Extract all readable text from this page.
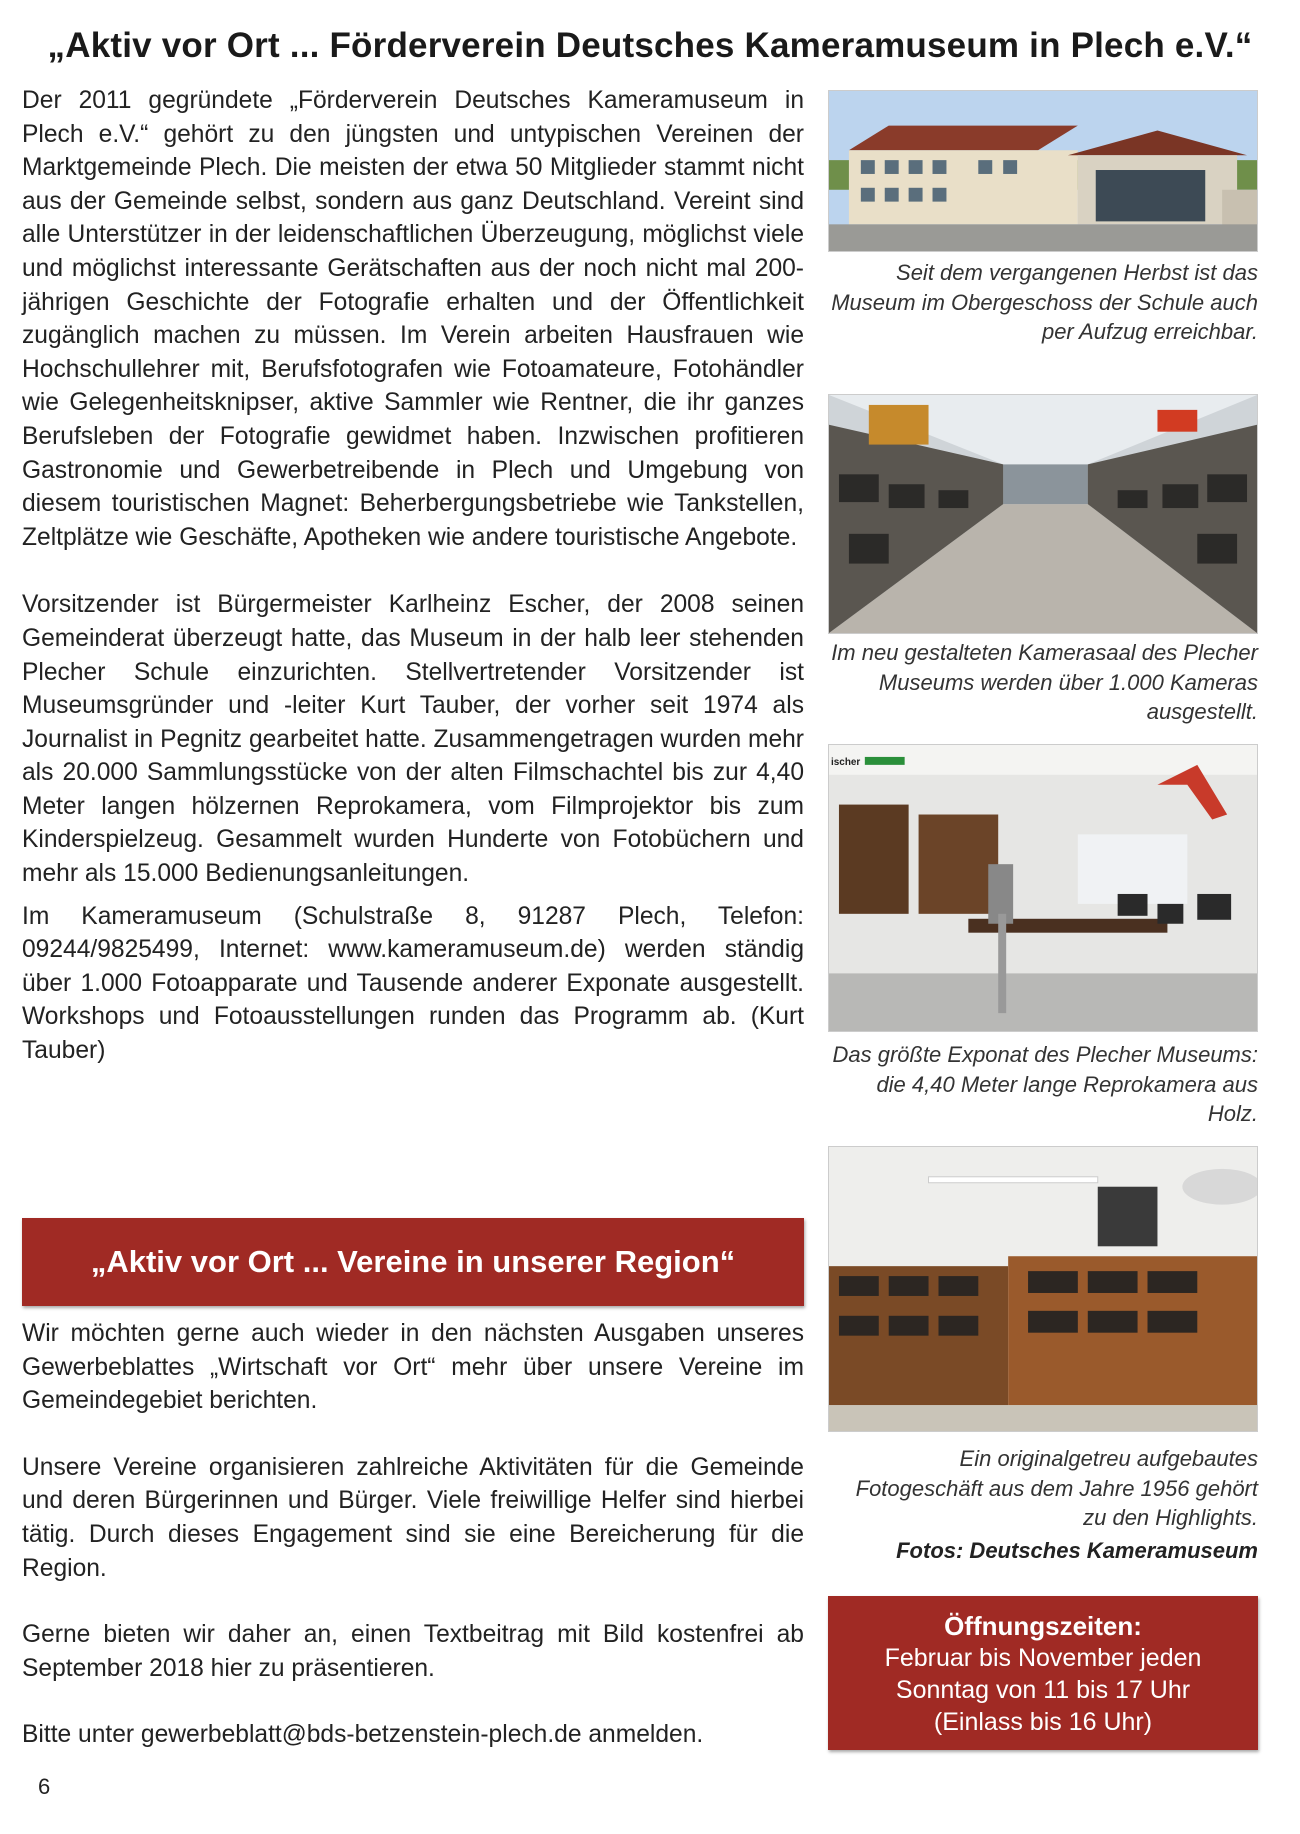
„Aktiv vor Ort ... Förderverein Deutsches Kameramuseum in Plech e.V.“

Der 2011 gegründete „Förderverein Deutsches Kameramuseum in Plech e.V.“ gehört zu den jüngsten und untypischen Vereinen der Marktgemeinde Plech. Die meisten der etwa 50 Mitglieder stammt nicht aus der Gemeinde selbst, sondern aus ganz Deutschland. Vereint sind alle Unterstützer in der leidenschaftlichen Überzeugung, möglichst viele und möglichst interessante Gerätschaften aus der noch nicht mal 200-jährigen Geschichte der Fotografie erhalten und der Öffentlichkeit zugänglich machen zu müssen. Im Verein arbeiten Hausfrauen wie Hochschullehrer mit, Berufsfotografen wie Fotoamateure, Fotohändler wie Gelegenheitsknipser, aktive Sammler wie Rentner, die ihr ganzes Berufsleben der Fotografie gewidmet haben. Inzwischen profitieren Gastronomie und Gewerbetreibende in Plech und Umgebung von diesem touristischen Magnet: Beherbergungsbetriebe wie Tankstellen, Zeltplätze wie Geschäfte, Apotheken wie andere touristische Angebote.

Vorsitzender ist Bürgermeister Karlheinz Escher, der 2008 seinen Gemeinderat überzeugt hatte, das Museum in der halb leer stehenden Plecher Schule einzurichten. Stellvertretender Vorsitzender ist Museumsgründer und -leiter Kurt Tauber, der vorher seit 1974 als Journalist in Pegnitz gearbeitet hatte. Zusammengetragen wurden mehr als 20.000 Sammlungsstücke von der alten Filmschachtel bis zur 4,40 Meter langen hölzernen Reprokamera, vom Filmprojektor bis zum Kinderspielzeug. Gesammelt wurden Hunderte von Fotobüchern und mehr als 15.000 Bedienungsanleitungen.

Im Kameramuseum (Schulstraße 8, 91287 Plech, Telefon: 09244/9825499, Internet: www.kameramuseum.de) werden ständig über 1.000 Fotoapparate und Tausende anderer Exponate ausgestellt. Workshops und Fotoausstellungen runden das Programm ab. (Kurt Tauber)

„Aktiv vor Ort ... Vereine in unserer Region“

Wir möchten gerne auch wieder in den nächsten Ausgaben unseres Gewerbeblattes „Wirtschaft vor Ort“ mehr über unsere Vereine im Gemeindegebiet berichten.

Unsere Vereine organisieren zahlreiche Aktivitäten für die Gemeinde und deren Bürgerinnen und Bürger. Viele freiwillige Helfer sind hierbei tätig. Durch dieses Engagement sind sie eine Bereicherung für die Region.

Gerne bieten wir daher an, einen Textbeitrag mit Bild kostenfrei ab September 2018 hier zu präsentieren.

Bitte unter gewerbeblatt@bds-betzenstein-plech.de anmelden.

6
Seit dem vergangenen Herbst ist das Museum im Obergeschoss der Schule auch per Aufzug erreichbar.
Im neu gestalteten Kamerasaal des Plecher Museums werden über 1.000 Kameras ausgestellt.
ischer
Das größte Exponat des Plecher Museums: die 4,40 Meter lange Reprokamera aus Holz.
Ein originalgetreu aufgebautes Fotogeschäft aus dem Jahre 1956 gehört zu den Highlights.
Fotos: Deutsches Kameramuseum
Öffnungszeiten:
Februar bis November jeden
Sonntag von 11 bis 17 Uhr
(Einlass bis 16 Uhr)
